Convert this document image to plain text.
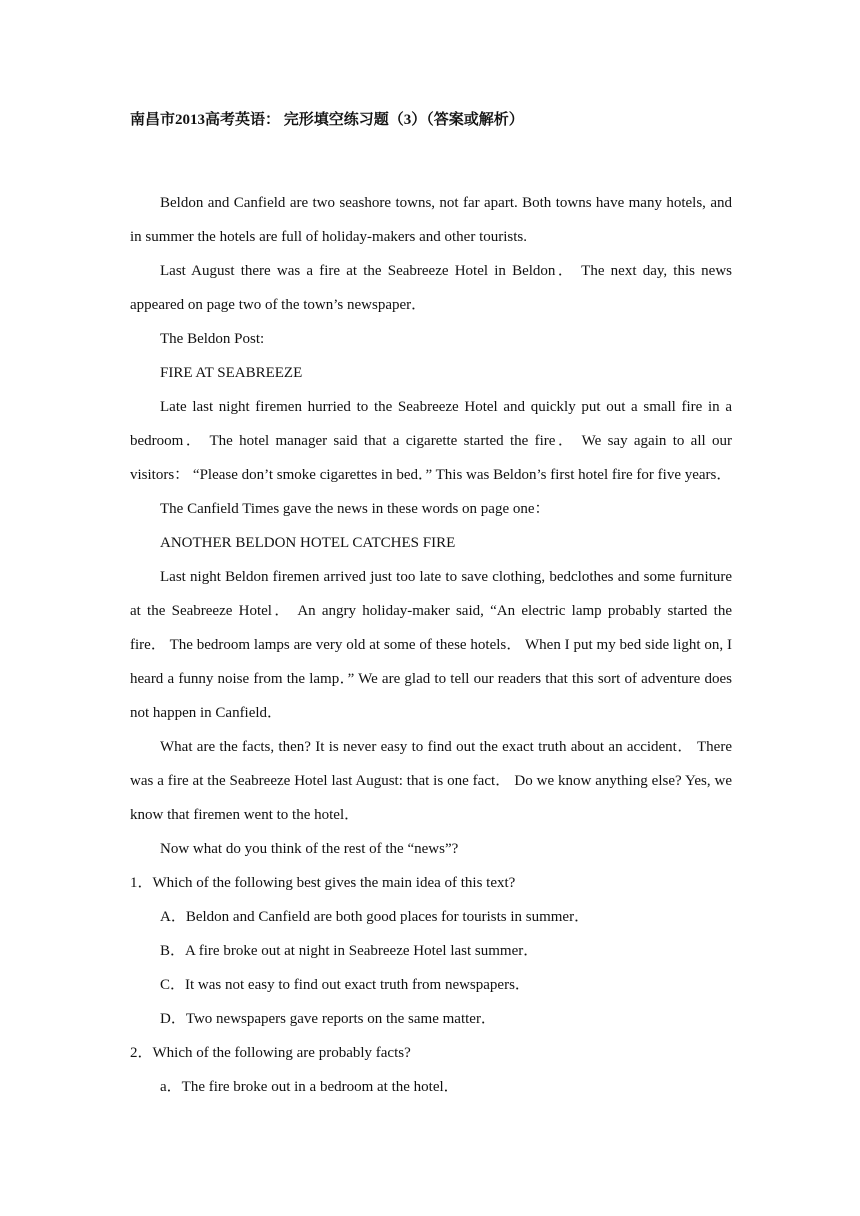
南昌市2013高考英语： 完形填空练习题（3）（答案或解析）

Beldon and Canfield are two seashore towns, not far apart. Both towns have many hotels, and in summer the hotels are full of holiday-makers and other tourists.

Last August there was a fire at the Seabreeze Hotel in Beldon． The next day, this news appeared on page two of the town’s newspaper．

The Beldon Post:

FIRE AT SEABREEZE

Late last night firemen hurried to the Seabreeze Hotel and quickly put out a small fire in a bedroom． The hotel manager said that a cigarette started the fire． We say again to all our visitors： “Please don’t smoke cigarettes in bed．” This was Beldon’s first hotel fire for five years．

The Canfield Times gave the news in these words on page one：

ANOTHER BELDON HOTEL CATCHES FIRE

Last night Beldon firemen arrived just too late to save clothing, bedclothes and some furniture at the Seabreeze Hotel． An angry holiday-maker said, “An electric lamp probably started the fire． The bedroom lamps are very old at some of these hotels． When I put my bed side light on, I heard a funny noise from the lamp．” We are glad to tell our readers that this sort of adventure does not happen in Canfield．

What are the facts, then? It is never easy to find out the exact truth about an accident． There was a fire at the Seabreeze Hotel last August: that is one fact． Do we know anything else? Yes, we know that firemen went to the hotel．

Now what do you think of the rest of the “news”?

1．Which of the following best gives the main idea of this text?

A．Beldon and Canfield are both good places for tourists in summer．

B．A fire broke out at night in Seabreeze Hotel last summer．

C．It was not easy to find out exact truth from newspapers．

D．Two newspapers gave reports on the same matter．

2．Which of the following are probably facts?

a．The fire broke out in a bedroom at the hotel．
